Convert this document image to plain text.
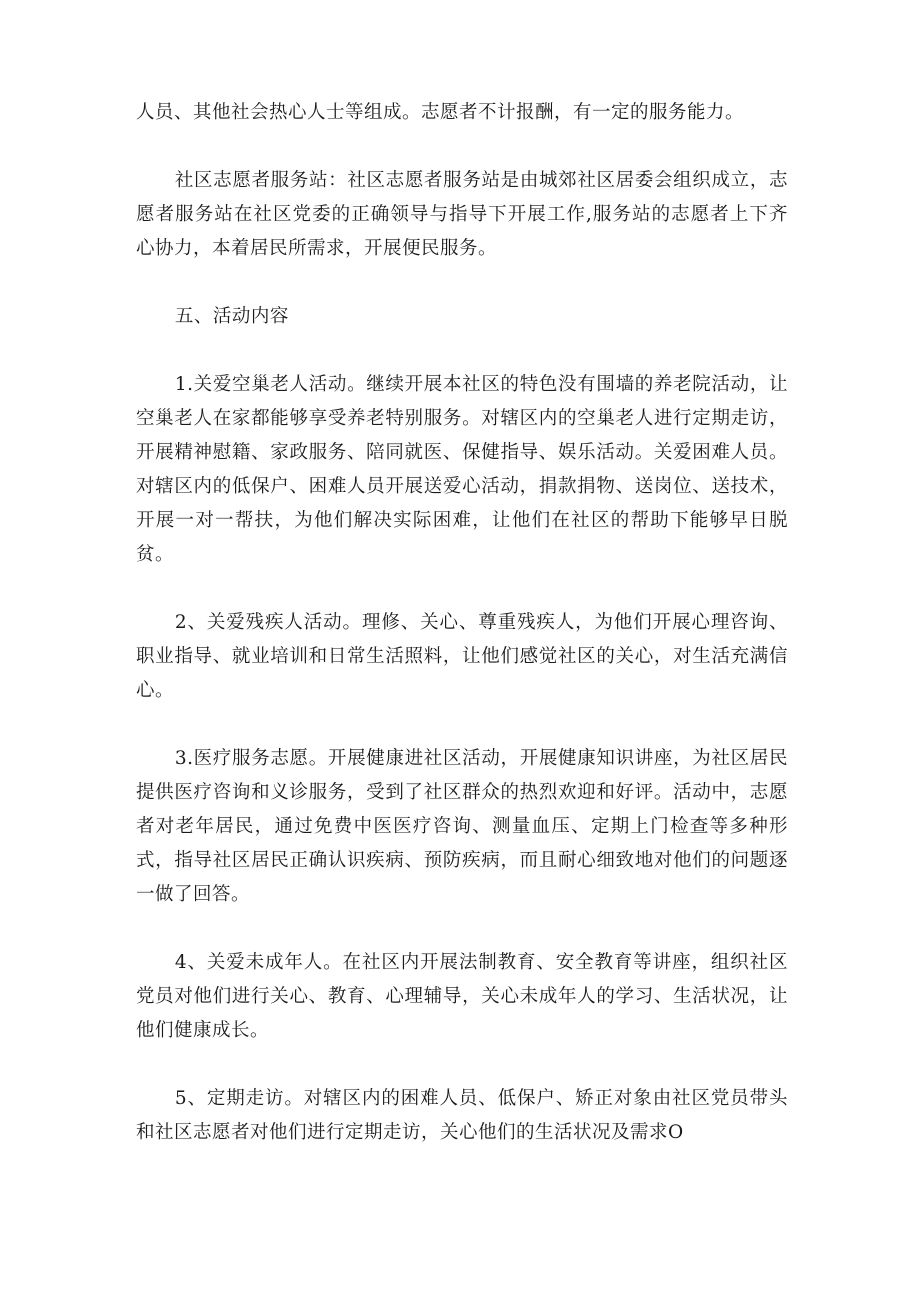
人员、其他社会热心人士等组成。志愿者不计报酬，有一定的服务能力。

社区志愿者服务站：社区志愿者服务站是由城郊社区居委会组织成立，志愿者服务站在社区党委的正确领导与指导下开展工作,服务站的志愿者上下齐心协力，本着居民所需求，开展便民服务。

五、活动内容

1.关爱空巢老人活动。继续开展本社区的特色没有围墙的养老院活动，让空巢老人在家都能够享受养老特别服务。对辖区内的空巢老人进行定期走访，开展精神慰籍、家政服务、陪同就医、保健指导、娱乐活动。关爱困难人员。对辖区内的低保户、困难人员开展送爱心活动，捐款捐物、送岗位、送技术，开展一对一帮扶，为他们解决实际困难，让他们在社区的帮助下能够早日脱贫。

2、关爱残疾人活动。理修、关心、尊重残疾人，为他们开展心理咨询、职业指导、就业培训和日常生活照料，让他们感觉社区的关心，对生活充满信心。

3.医疗服务志愿。开展健康进社区活动，开展健康知识讲座，为社区居民提供医疗咨询和义诊服务，受到了社区群众的热烈欢迎和好评。活动中，志愿者对老年居民，通过免费中医医疗咨询、测量血压、定期上门检查等多种形式，指导社区居民正确认识疾病、预防疾病，而且耐心细致地对他们的问题逐一做了回答。

4、关爱未成年人。在社区内开展法制教育、安全教育等讲座，组织社区党员对他们进行关心、教育、心理辅导，关心未成年人的学习、生活状况，让他们健康成长。

5、定期走访。对辖区内的困难人员、低保户、矫正对象由社区党员带头和社区志愿者对他们进行定期走访，关心他们的生活状况及需求O
